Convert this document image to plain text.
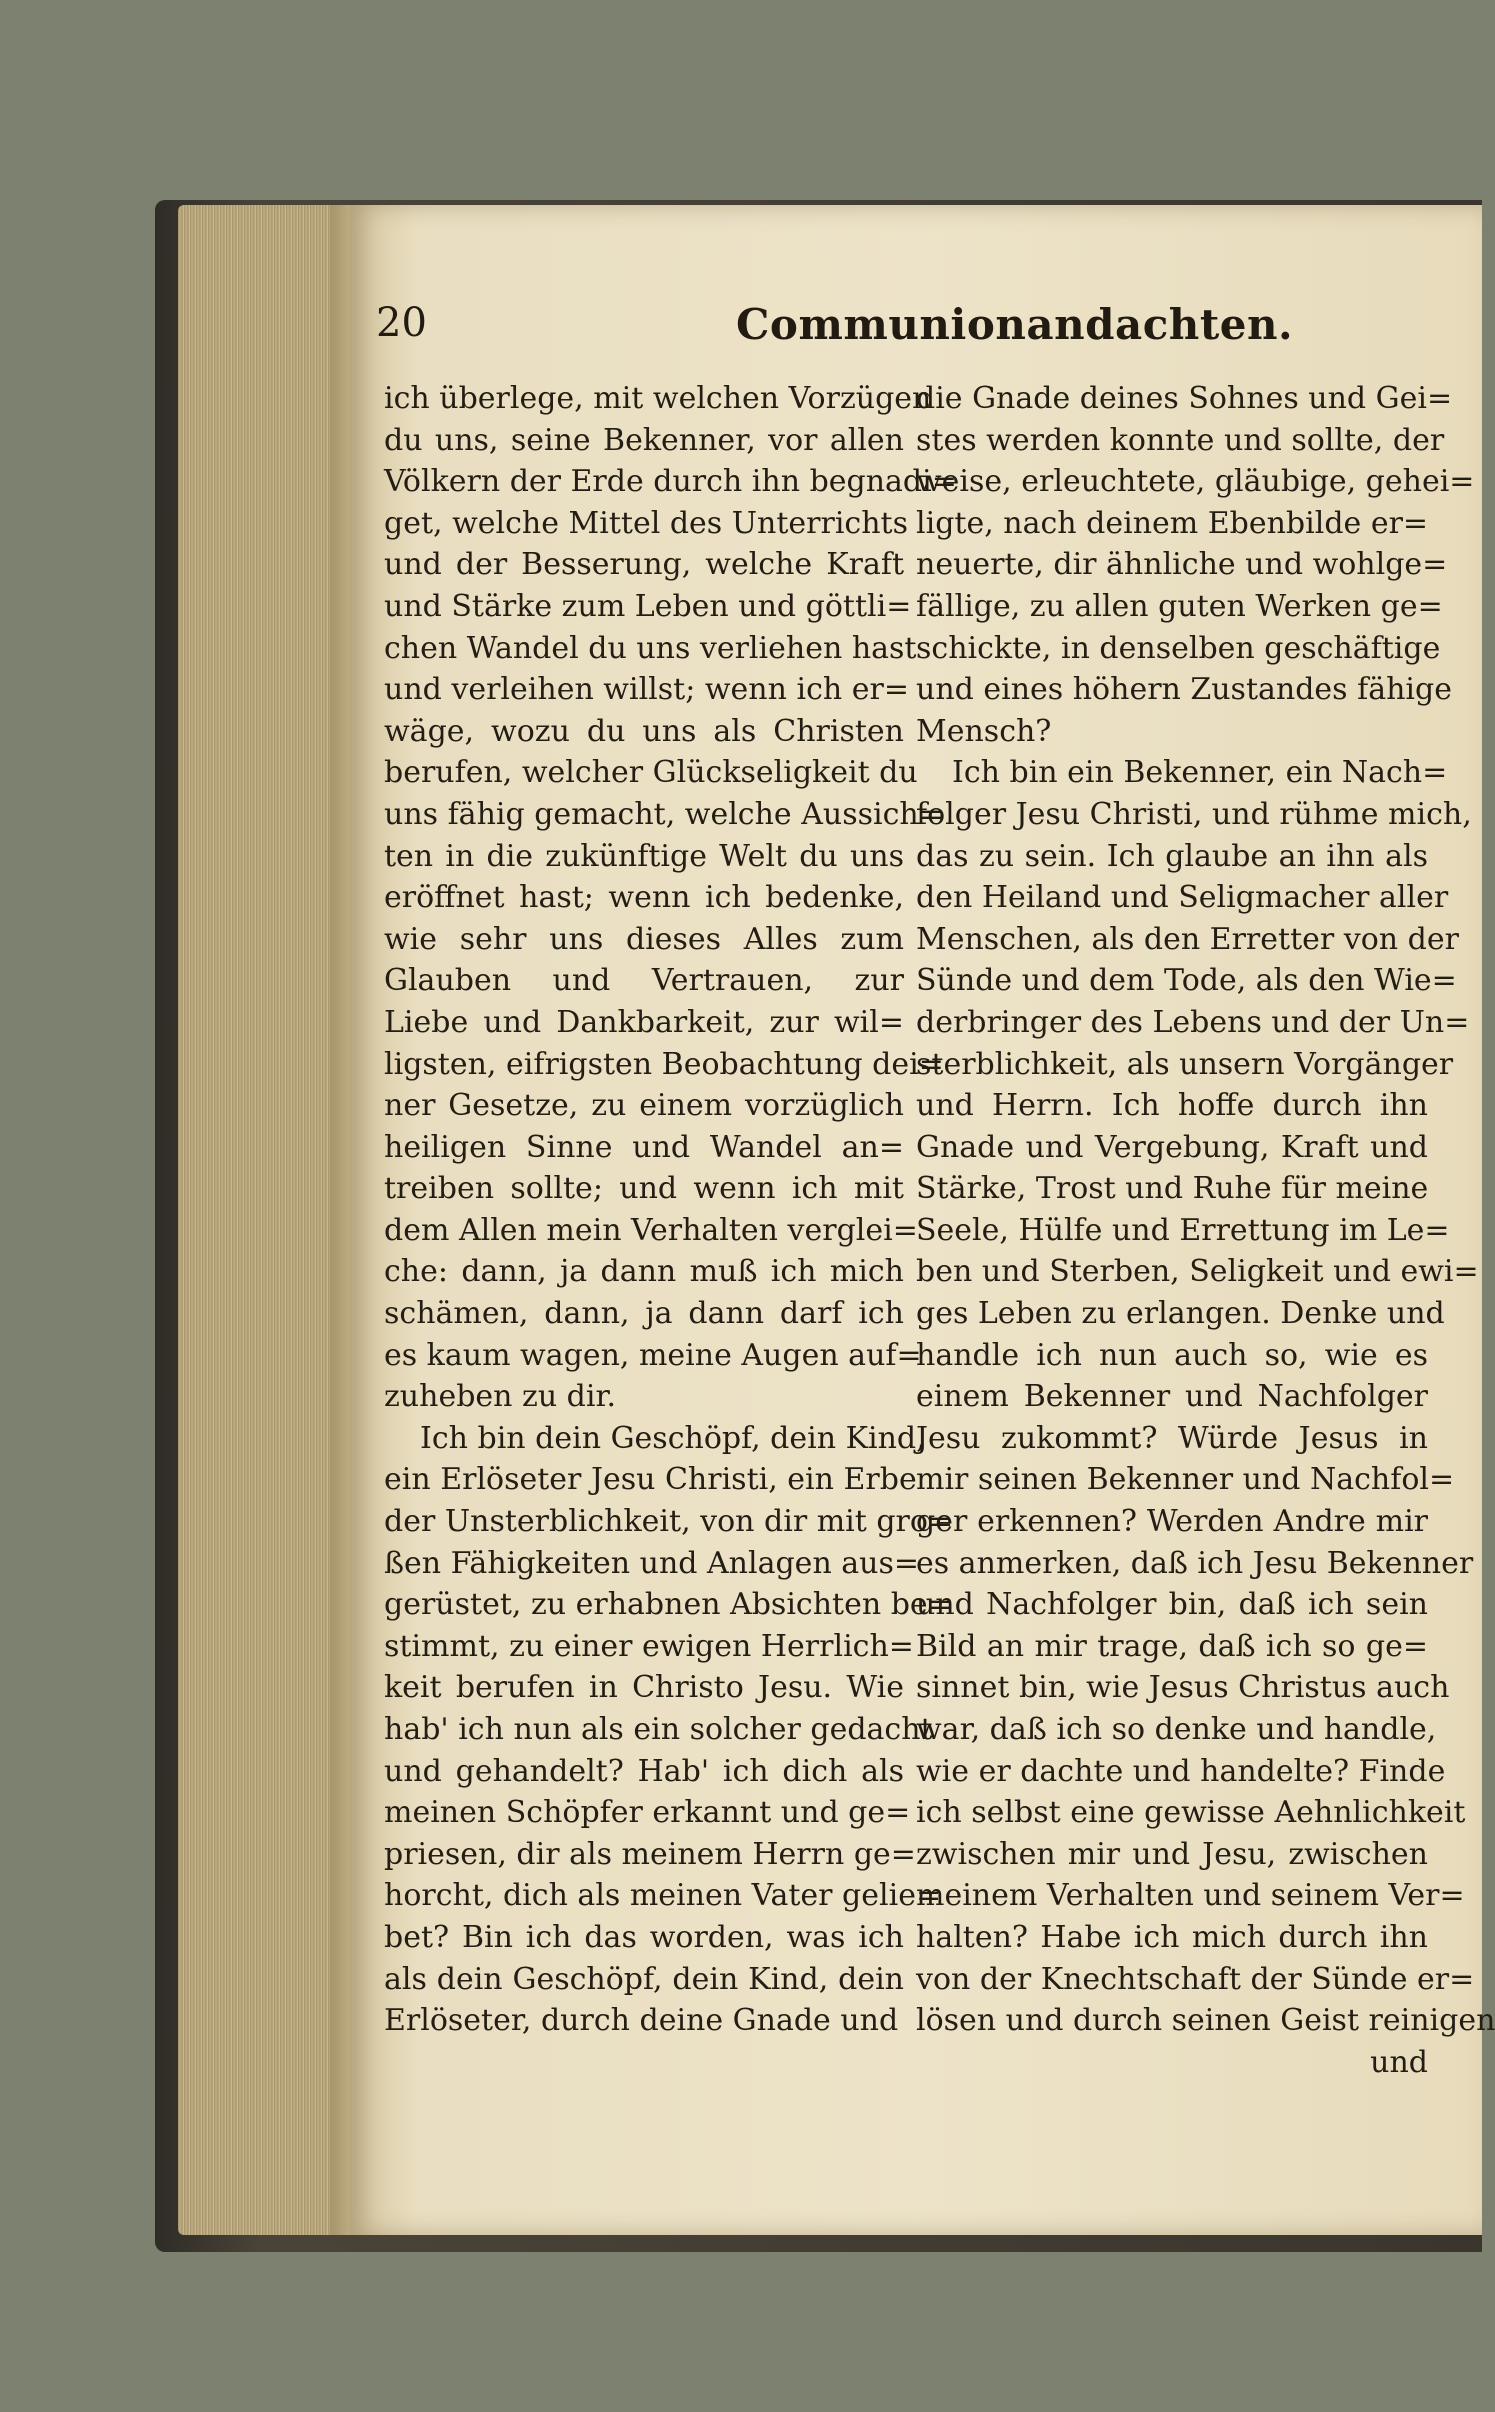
20	Communionandachten.
ich überlege, mit welchen Vorzügen
du uns, seine Bekenner, vor allen
Völkern der Erde durch ihn begnadi=
get, welche Mittel des Unterrichts
und der Besserung, welche Kraft
und Stärke zum Leben und göttli=
chen Wandel du uns verliehen hast
und verleihen willst; wenn ich er=
wäge, wozu du uns als Christen
berufen, welcher Glückseligkeit du
uns fähig gemacht, welche Aussich=
ten in die zukünftige Welt du uns
eröffnet hast; wenn ich bedenke,
wie sehr uns dieses Alles zum
Glauben und Vertrauen, zur
Liebe und Dankbarkeit, zur wil=
ligsten, eifrigsten Beobachtung dei=
ner Gesetze, zu einem vorzüglich
heiligen Sinne und Wandel an=
treiben sollte; und wenn ich mit
dem Allen mein Verhalten verglei=
che: dann, ja dann muß ich mich
schämen, dann, ja dann darf ich
es kaum wagen, meine Augen auf=
zuheben zu dir.
Ich bin dein Geschöpf, dein Kind,
ein Erlöseter Jesu Christi, ein Erbe
der Unsterblichkeit, von dir mit gro=
ßen Fähigkeiten und Anlagen aus=
gerüstet, zu erhabnen Absichten be=
stimmt, zu einer ewigen Herrlich=
keit berufen in Christo Jesu. Wie
hab' ich nun als ein solcher gedacht
und gehandelt? Hab' ich dich als
meinen Schöpfer erkannt und ge=
priesen, dir als meinem Herrn ge=
horcht, dich als meinen Vater gelie=
bet? Bin ich das worden, was ich
als dein Geschöpf, dein Kind, dein
Erlöseter, durch deine Gnade und
die Gnade deines Sohnes und Gei=
stes werden konnte und sollte, der
weise, erleuchtete, gläubige, gehei=
ligte, nach deinem Ebenbilde er=
neuerte, dir ähnliche und wohlge=
fällige, zu allen guten Werken ge=
schickte, in denselben geschäftige
und eines höhern Zustandes fähige
Mensch?
Ich bin ein Bekenner, ein Nach=
folger Jesu Christi, und rühme mich,
das zu sein. Ich glaube an ihn als
den Heiland und Seligmacher aller
Menschen, als den Erretter von der
Sünde und dem Tode, als den Wie=
derbringer des Lebens und der Un=
sterblichkeit, als unsern Vorgänger
und Herrn. Ich hoffe durch ihn
Gnade und Vergebung, Kraft und
Stärke, Trost und Ruhe für meine
Seele, Hülfe und Errettung im Le=
ben und Sterben, Seligkeit und ewi=
ges Leben zu erlangen. Denke und
handle ich nun auch so, wie es
einem Bekenner und Nachfolger
Jesu zukommt? Würde Jesus in
mir seinen Bekenner und Nachfol=
ger erkennen? Werden Andre mir
es anmerken, daß ich Jesu Bekenner
und Nachfolger bin, daß ich sein
Bild an mir trage, daß ich so ge=
sinnet bin, wie Jesus Christus auch
war, daß ich so denke und handle,
wie er dachte und handelte? Finde
ich selbst eine gewisse Aehnlichkeit
zwischen mir und Jesu, zwischen
meinem Verhalten und seinem Ver=
halten? Habe ich mich durch ihn
von der Knechtschaft der Sünde er=
lösen und durch seinen Geist reinigen
und
